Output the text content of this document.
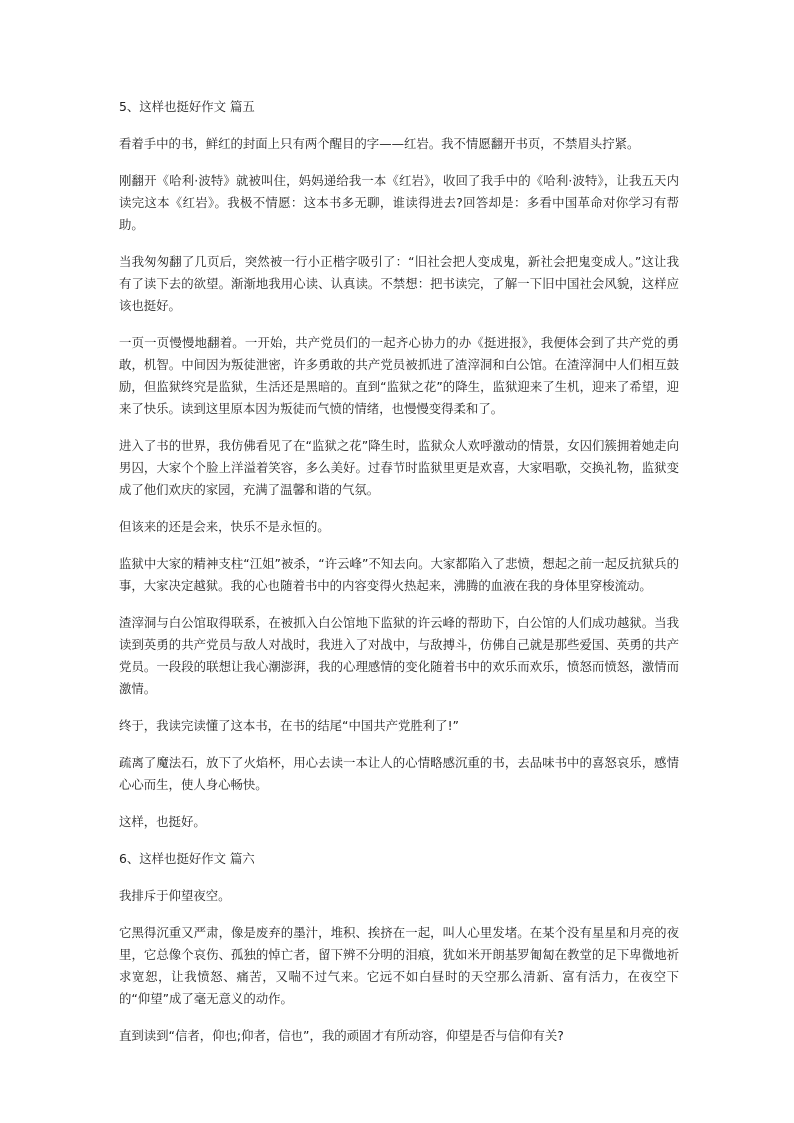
5、这样也挺好作文 篇五

看着手中的书，鲜红的封面上只有两个醒目的字——红岩。我不情愿翻开书页，不禁眉头拧紧。

刚翻开《哈利·波特》就被叫住，妈妈递给我一本《红岩》，收回了我手中的《哈利·波特》，让我五天内读完这本《红岩》。我极不情愿：这本书多无聊，谁读得进去?回答却是：多看中国革命对你学习有帮助。

当我匆匆翻了几页后，突然被一行小正楷字吸引了：“旧社会把人变成鬼，新社会把鬼变成人。”这让我有了读下去的欲望。渐渐地我用心读、认真读。不禁想：把书读完，了解一下旧中国社会风貌，这样应该也挺好。

一页一页慢慢地翻着。一开始，共产党员们的一起齐心协力的办《挺进报》，我便体会到了共产党的勇敢，机智。中间因为叛徒泄密，许多勇敢的共产党员被抓进了渣滓洞和白公馆。在渣滓洞中人们相互鼓励，但监狱终究是监狱，生活还是黑暗的。直到“监狱之花”的降生，监狱迎来了生机，迎来了希望，迎来了快乐。读到这里原本因为叛徒而气愤的情绪，也慢慢变得柔和了。

进入了书的世界，我仿佛看见了在“监狱之花”降生时，监狱众人欢呼激动的情景，女囚们簇拥着她走向男囚，大家个个脸上洋溢着笑容，多么美好。过春节时监狱里更是欢喜，大家唱歌，交换礼物，监狱变成了他们欢庆的家园，充满了温馨和谐的气氛。

但该来的还是会来，快乐不是永恒的。

监狱中大家的精神支柱“江姐”被杀，“许云峰”不知去向。大家都陷入了悲愤，想起之前一起反抗狱兵的事，大家决定越狱。我的心也随着书中的内容变得火热起来，沸腾的血液在我的身体里穿梭流动。

渣滓洞与白公馆取得联系，在被抓入白公馆地下监狱的许云峰的帮助下，白公馆的人们成功越狱。当我读到英勇的共产党员与敌人对战时，我进入了对战中，与敌搏斗，仿佛自己就是那些爱国、英勇的共产党员。一段段的联想让我心潮澎湃，我的心理感情的变化随着书中的欢乐而欢乐，愤怒而愤怒，激情而激情。

终于，我读完读懂了这本书，在书的结尾“中国共产党胜利了!”

疏离了魔法石，放下了火焰杯，用心去读一本让人的心情略感沉重的书，去品味书中的喜怒哀乐，感情心心而生，使人身心畅快。

这样，也挺好。

6、这样也挺好作文 篇六

我排斥于仰望夜空。

它黑得沉重又严肃，像是废弃的墨汁，堆积、挨挤在一起，叫人心里发堵。在某个没有星星和月亮的夜里，它总像个哀伤、孤独的悼亡者，留下辨不分明的泪痕，犹如米开朗基罗匍匐在教堂的足下卑微地祈求宽恕，让我愤怒、痛苦，又喘不过气来。它远不如白昼时的天空那么清新、富有活力，在夜空下的“仰望”成了毫无意义的动作。

直到读到“信者，仰也;仰者，信也”，我的顽固才有所动容，仰望是否与信仰有关?
